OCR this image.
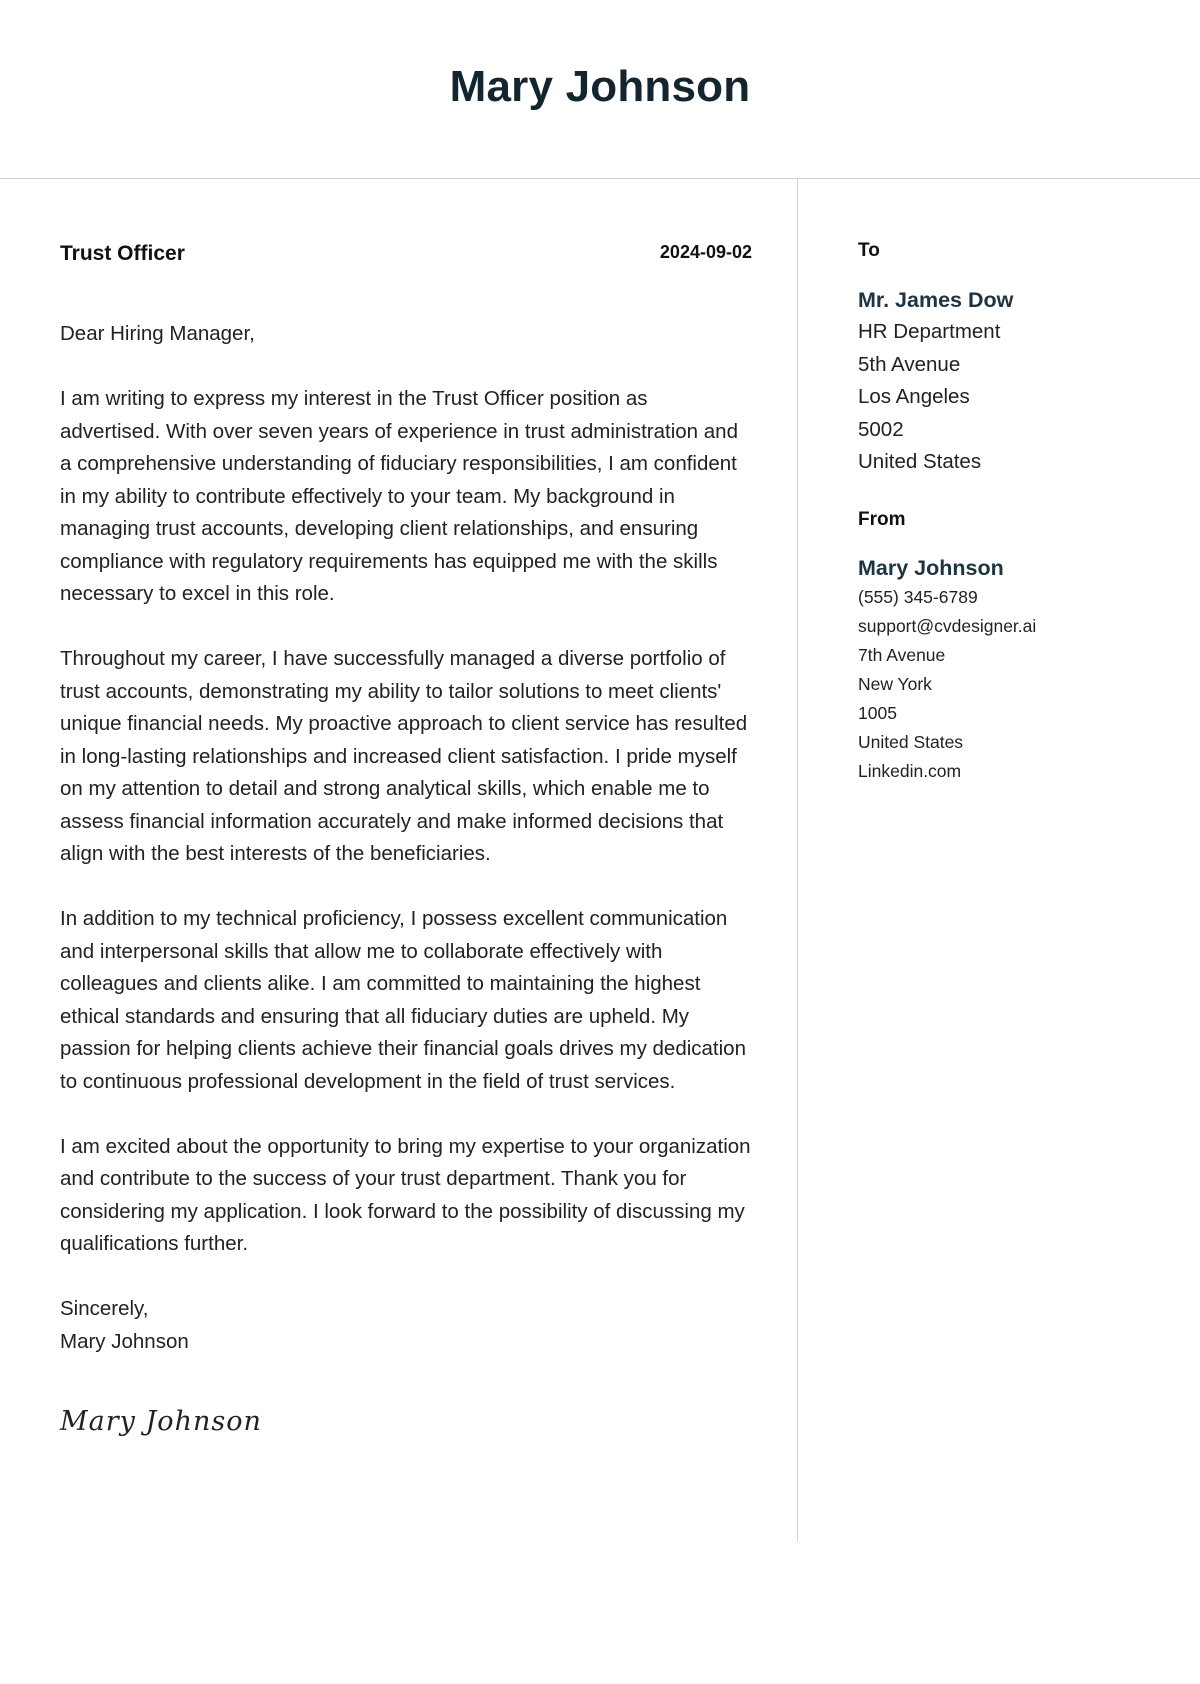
Mary Johnson
Trust Officer	2024-09-02

Dear Hiring Manager,

I am writing to express my interest in the Trust Officer position as advertised. With over seven years of experience in trust administration and a comprehensive understanding of fiduciary responsibilities, I am confident in my ability to contribute effectively to your team. My background in managing trust accounts, developing client relationships, and ensuring compliance with regulatory requirements has equipped me with the skills necessary to excel in this role.

Throughout my career, I have successfully managed a diverse portfolio of trust accounts, demonstrating my ability to tailor solutions to meet clients' unique financial needs. My proactive approach to client service has resulted in long-lasting relationships and increased client satisfaction. I pride myself on my attention to detail and strong analytical skills, which enable me to assess financial information accurately and make informed decisions that align with the best interests of the beneficiaries.

In addition to my technical proficiency, I possess excellent communication and interpersonal skills that allow me to collaborate effectively with colleagues and clients alike. I am committed to maintaining the highest ethical standards and ensuring that all fiduciary duties are upheld. My passion for helping clients achieve their financial goals drives my dedication to continuous professional development in the field of trust services.

I am excited about the opportunity to bring my expertise to your organization and contribute to the success of your trust department. Thank you for considering my application. I look forward to the possibility of discussing my qualifications further.

Sincerely,
Mary Johnson
Mary Johnson
To
Mr. James Dow
HR Department
5th Avenue
Los Angeles
5002
United States
From
Mary Johnson
(555) 345-6789
support@cvdesigner.ai
7th Avenue
New York
1005
United States
Linkedin.com
